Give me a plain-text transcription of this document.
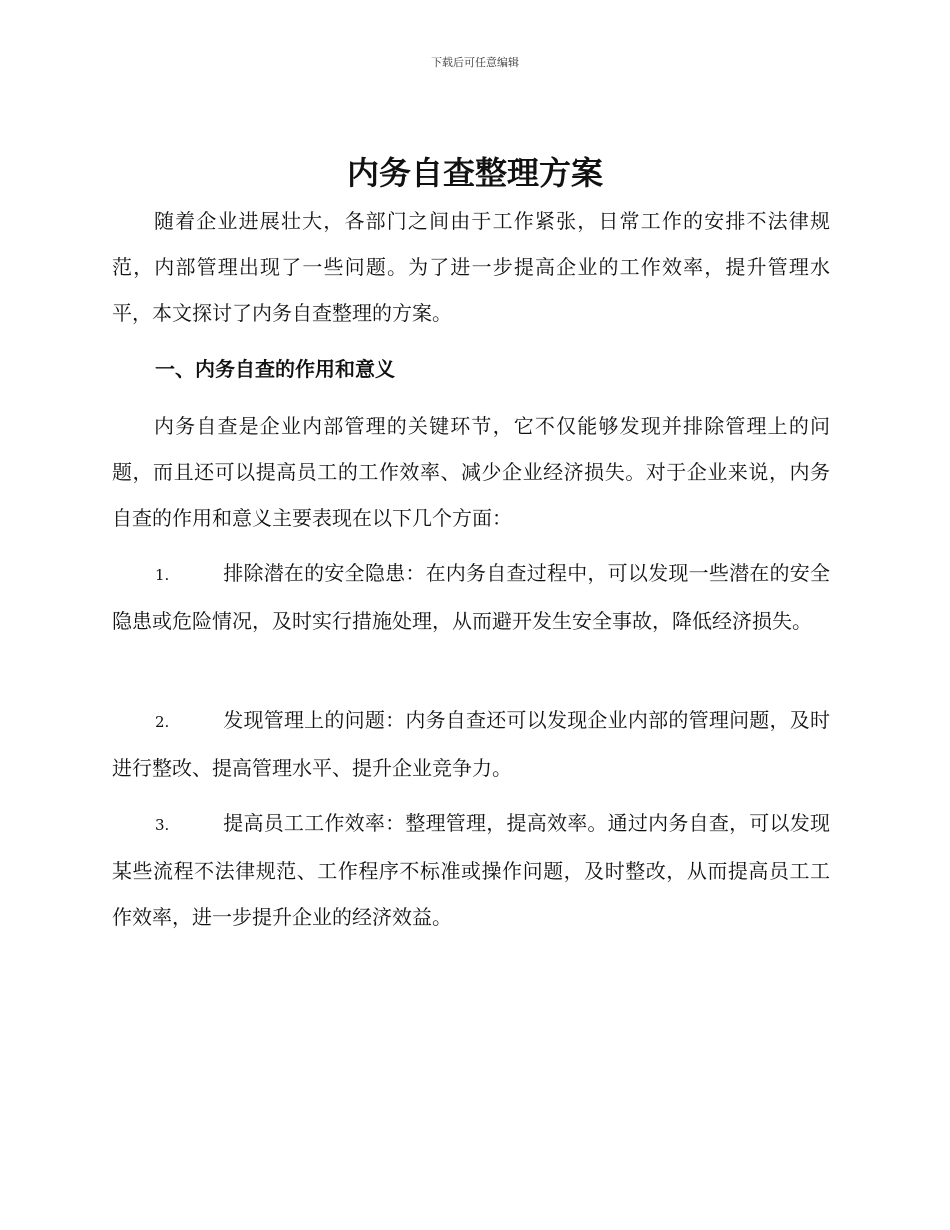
下载后可任意编辑
内务自查整理方案

随着企业进展壮大，各部门之间由于工作紧张，日常工作的安排不法律规范，内部管理出现了一些问题。为了进一步提高企业的工作效率，提升管理水平，本文探讨了内务自查整理的方案。

一、内务自查的作用和意义

内务自查是企业内部管理的关键环节，它不仅能够发现并排除管理上的问题，而且还可以提高员工的工作效率、减少企业经济损失。对于企业来说，内务自查的作用和意义主要表现在以下几个方面：

1.	排除潜在的安全隐患：在内务自查过程中，可以发现一些潜在的安全隐患或危险情况，及时实行措施处理，从而避开发生安全事故，降低经济损失。
2.	发现管理上的问题：内务自查还可以发现企业内部的管理问题，及时进行整改、提高管理水平、提升企业竞争力。
3.	提高员工工作效率：整理管理，提高效率。通过内务自查，可以发现某些流程不法律规范、工作程序不标准或操作问题，及时整改，从而提高员工工作效率，进一步提升企业的经济效益。
